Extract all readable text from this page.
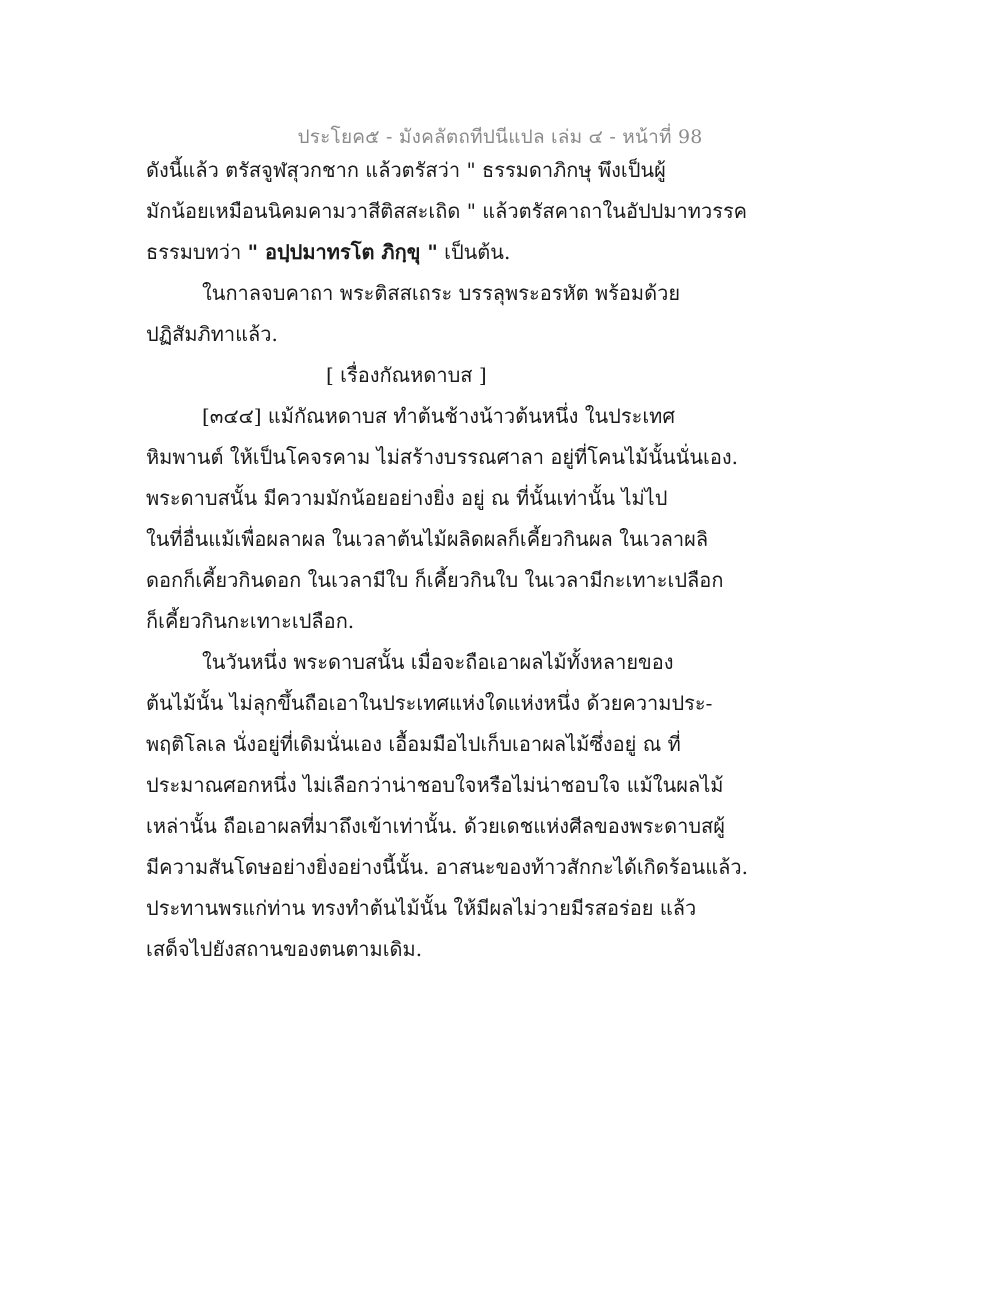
ประโยค๕ - มังคลัตถทีปนีแปล เล่ม ๔ - หน้าที่ 98
ดังนี้แล้ว ตรัสจูฬสุวกชาก แล้วตรัสว่า " ธรรมดาภิกษุ พึงเป็นผู้
มักน้อยเหมือนนิคมคามวาสีติสสะเถิด " แล้วตรัสคาถาในอัปปมาทวรรค
ธรรมบทว่า " อปฺปมาทรโต ภิกฺขุ " เป็นต้น.
ในกาลจบคาถา พระติสสเถระ บรรลุพระอรหัต พร้อมด้วย
ปฏิสัมภิทาแล้ว.
[ เรื่องกัณหดาบส ]
[๓๔๔] แม้กัณหดาบส ทำต้นช้างน้าวต้นหนึ่ง ในประเทศ
หิมพานต์ ให้เป็นโคจรคาม ไม่สร้างบรรณศาลา อยู่ที่โคนไม้นั้นนั่นเอง.
พระดาบสนั้น มีความมักน้อยอย่างยิ่ง อยู่ ณ ที่นั้นเท่านั้น ไม่ไป
ในที่อื่นแม้เพื่อผลาผล ในเวลาต้นไม้ผลิดผลก็เคี้ยวกินผล ในเวลาผลิ
ดอกก็เคี้ยวกินดอก ในเวลามีใบ ก็เคี้ยวกินใบ ในเวลามีกะเทาะเปลือก
ก็เคี้ยวกินกะเทาะเปลือก.
ในวันหนึ่ง พระดาบสนั้น เมื่อจะถือเอาผลไม้ทั้งหลายของ
ต้นไม้นั้น ไม่ลุกขึ้นถือเอาในประเทศแห่งใดแห่งหนึ่ง ด้วยความประ-
พฤติโลเล นั่งอยู่ที่เดิมนั่นเอง เอื้อมมือไปเก็บเอาผลไม้ซึ่งอยู่ ณ ที่
ประมาณศอกหนึ่ง ไม่เลือกว่าน่าชอบใจหรือไม่น่าชอบใจ แม้ในผลไม้
เหล่านั้น ถือเอาผลที่มาถึงเข้าเท่านั้น. ด้วยเดชแห่งศีลของพระดาบสผู้
มีความสันโดษอย่างยิ่งอย่างนี้นั้น. อาสนะของท้าวสักกะได้เกิดร้อนแล้ว.
ประทานพรแก่ท่าน ทรงทำต้นไม้นั้น ให้มีผลไม่วายมีรสอร่อย แล้ว
เสด็จไปยังสถานของตนตามเดิม.
